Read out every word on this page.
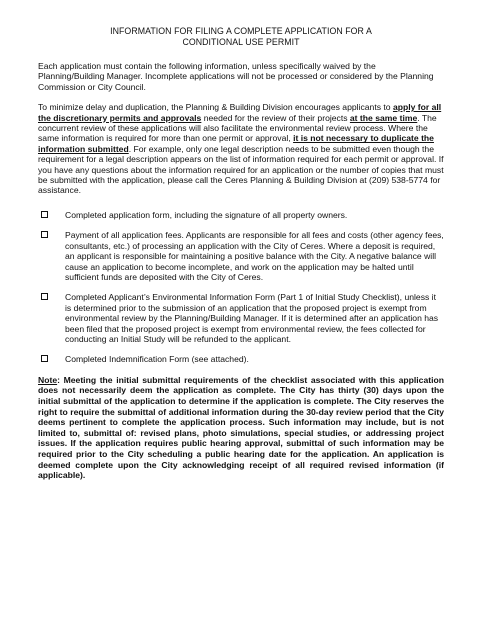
INFORMATION FOR FILING A COMPLETE APPLICATION FOR A
CONDITIONAL USE PERMIT

Each application must contain the following information, unless specifically waived by the Planning/Building Manager. Incomplete applications will not be processed or considered by the Planning Commission or City Council.

To minimize delay and duplication, the Planning & Building Division encourages applicants to apply for all the discretionary permits and approvals needed for the review of their projects at the same time. The concurrent review of these applications will also facilitate the environmental review process. Where the same information is required for more than one permit or approval, it is not necessary to duplicate the information submitted. For example, only one legal description needs to be submitted even though the requirement for a legal description appears on the list of information required for each permit or approval. If you have any questions about the information required for an application or the number of copies that must be submitted with the application, please call the Ceres Planning & Building Division at (209) 538-5774 for assistance.

Completed application form, including the signature of all property owners.
Payment of all application fees. Applicants are responsible for all fees and costs (other agency fees, consultants, etc.) of processing an application with the City of Ceres. Where a deposit is required, an applicant is responsible for maintaining a positive balance with the City. A negative balance will cause an application to become incomplete, and work on the application may be halted until sufficient funds are deposited with the City of Ceres.
Completed Applicant’s Environmental Information Form (Part 1 of Initial Study Checklist), unless it is determined prior to the submission of an application that the proposed project is exempt from environmental review by the Planning/Building Manager. If it is determined after an application has been filed that the proposed project is exempt from environmental review, the fees collected for conducting an Initial Study will be refunded to the applicant.
Completed Indemnification Form (see attached).

Note: Meeting the initial submittal requirements of the checklist associated with this application does not necessarily deem the application as complete. The City has thirty (30) days upon the initial submittal of the application to determine if the application is complete. The City reserves the right to require the submittal of additional information during the 30-day review period that the City deems pertinent to complete the application process. Such information may include, but is not limited to, submittal of: revised plans, photo simulations, special studies, or addressing project issues. If the application requires public hearing approval, submittal of such information may be required prior to the City scheduling a public hearing date for the application. An application is deemed complete upon the City acknowledging receipt of all required revised information (if applicable).
